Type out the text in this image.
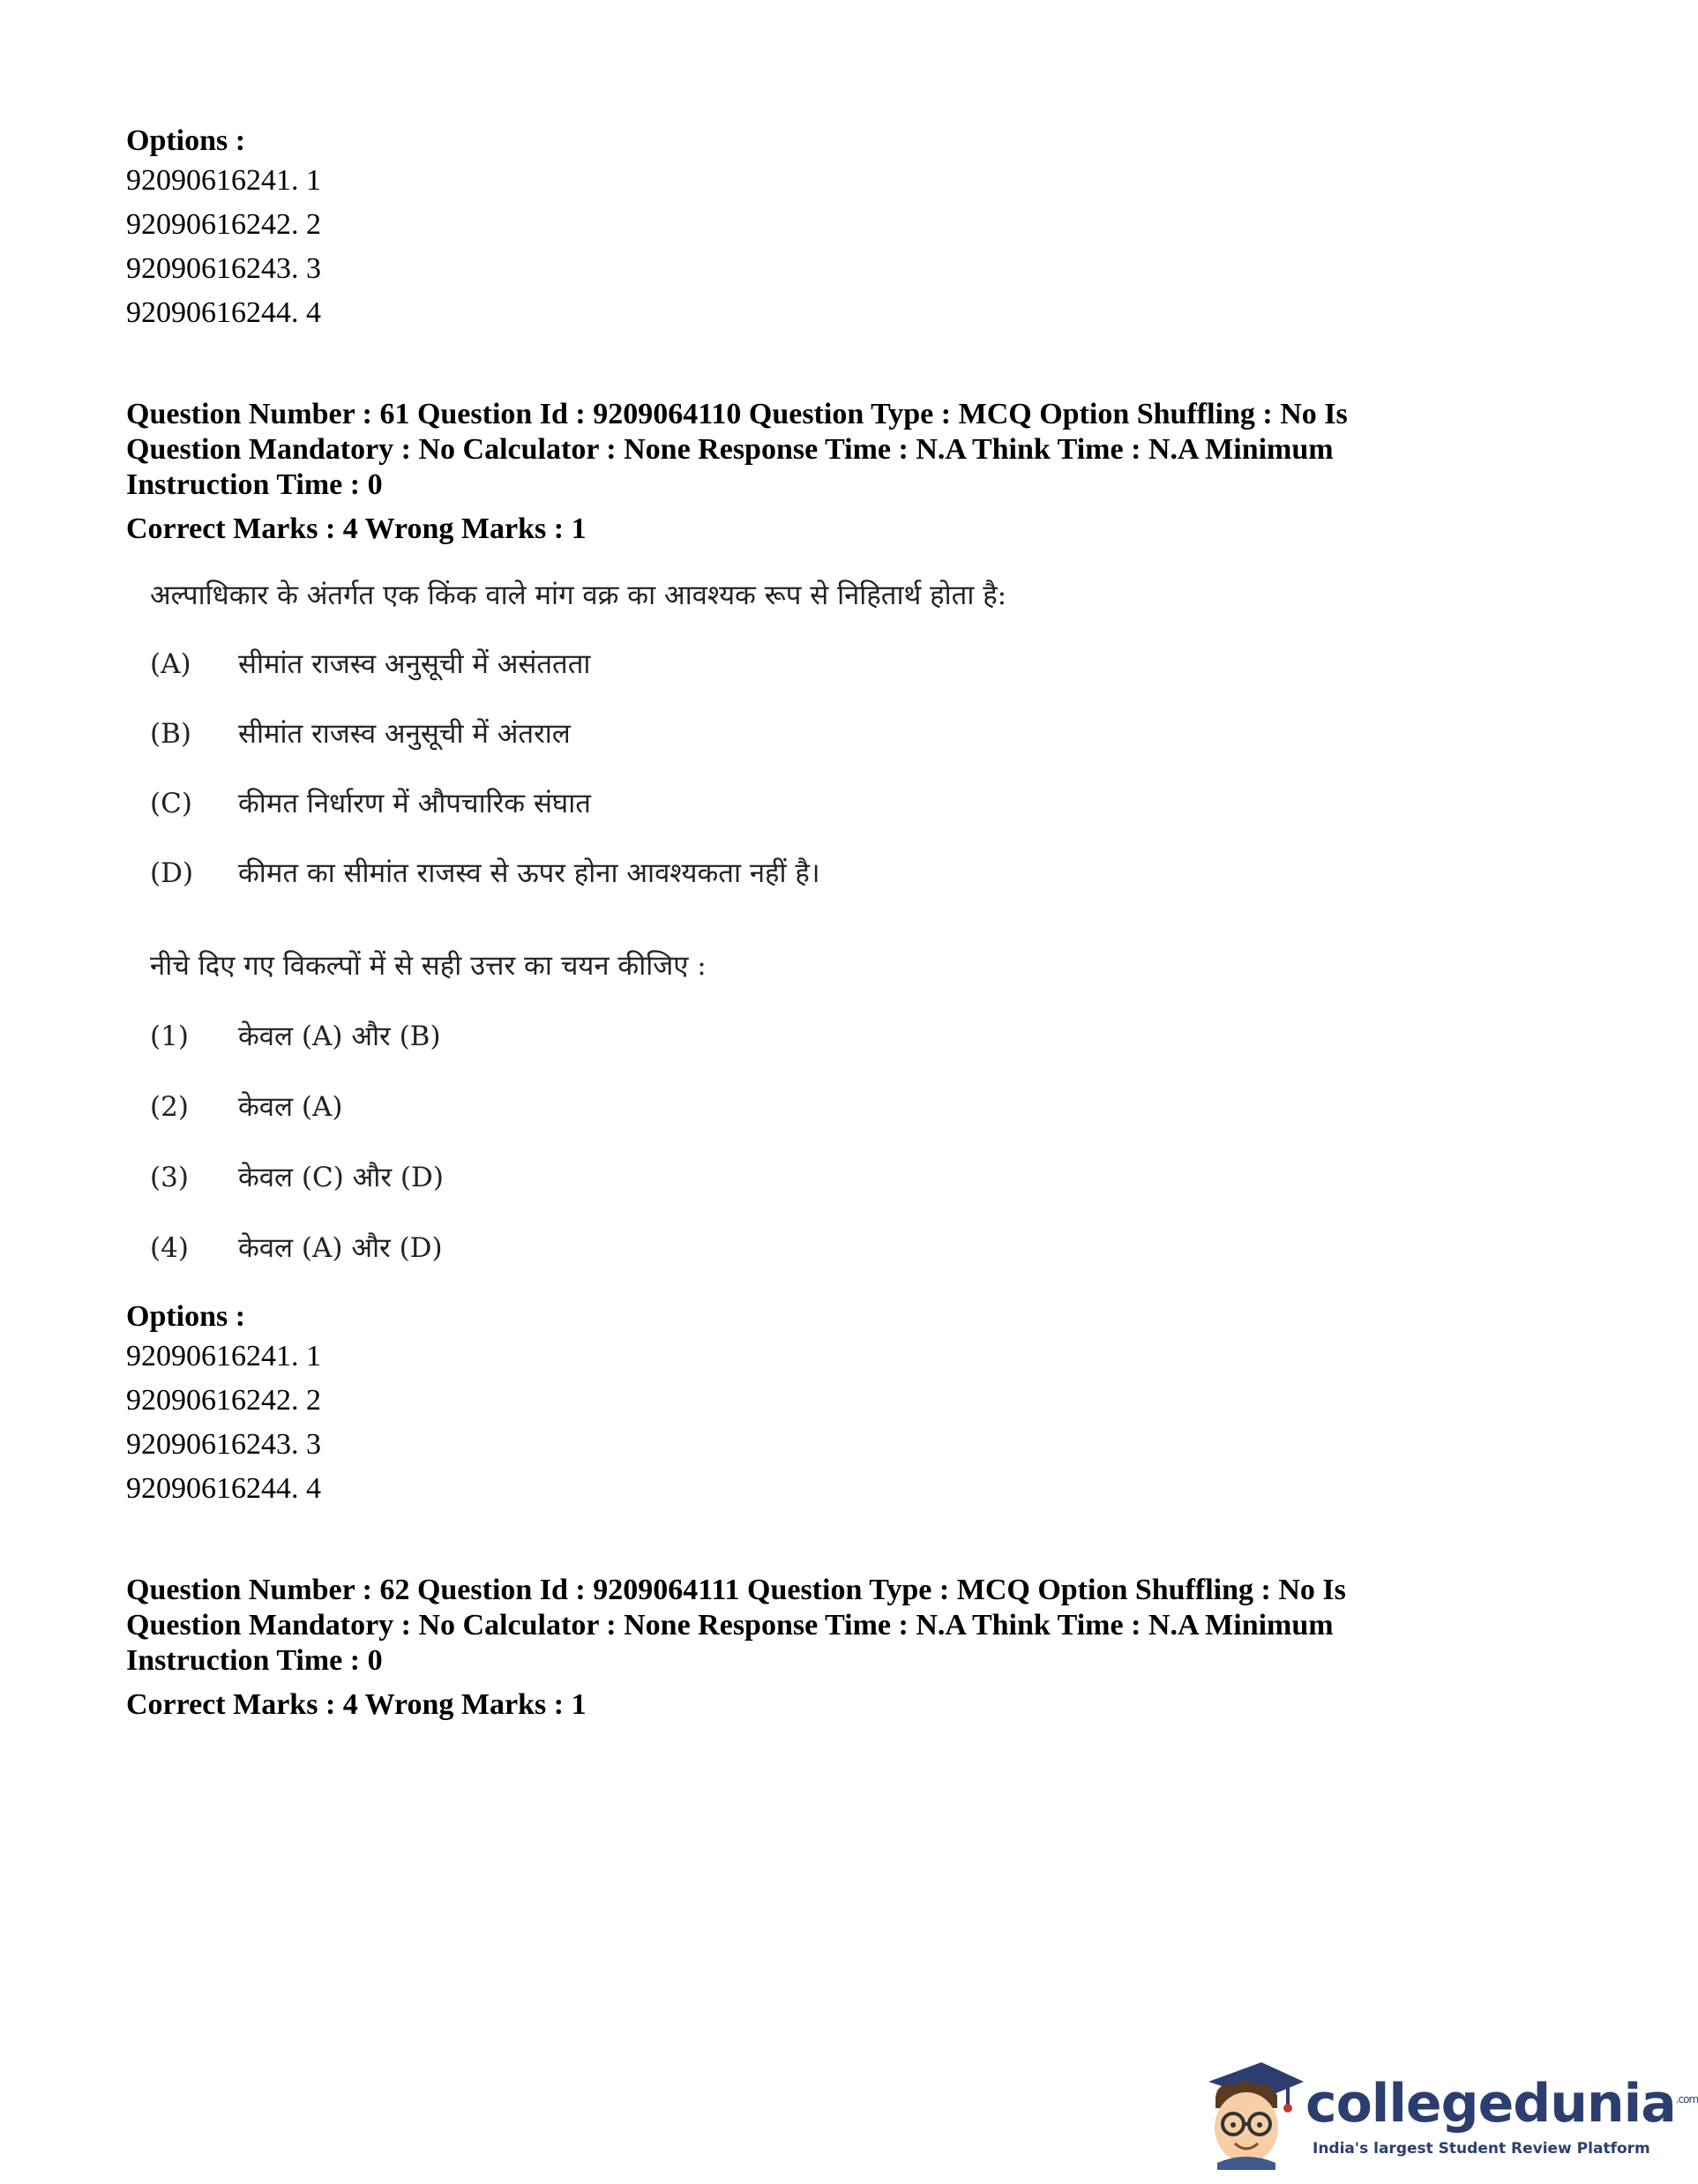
Options :
92090616241. 1
92090616242. 2
92090616243. 3
92090616244. 4
Question Number : 61 Question Id : 9209064110 Question Type : MCQ Option Shuffling : No Is
Question Mandatory : No Calculator : None Response Time : N.A Think Time : N.A Minimum
Instruction Time : 0
Correct Marks : 4 Wrong Marks : 1
अल्पाधिकार के अंतर्गत एक किंक वाले मांग वक्र का आवश्यक रूप से निहितार्थ होता है:
(A) सीमांत राजस्व अनुसूची में असंततता
(B) सीमांत राजस्व अनुसूची में अंतराल
(C) कीमत निर्धारण में औपचारिक संघात
(D) कीमत का सीमांत राजस्व से ऊपर होना आवश्यकता नहीं है।
नीचे दिए गए विकल्पों में से सही उत्तर का चयन कीजिए :
(1) केवल (A) और (B)
(2) केवल (A)
(3) केवल (C) और (D)
(4) केवल (A) और (D)
Options :
92090616241. 1
92090616242. 2
92090616243. 3
92090616244. 4
Question Number : 62 Question Id : 9209064111 Question Type : MCQ Option Shuffling : No Is
Question Mandatory : No Calculator : None Response Time : N.A Think Time : N.A Minimum
Instruction Time : 0
Correct Marks : 4 Wrong Marks : 1
collegedunia$^{.com}$
India's largest Student Review Platform
